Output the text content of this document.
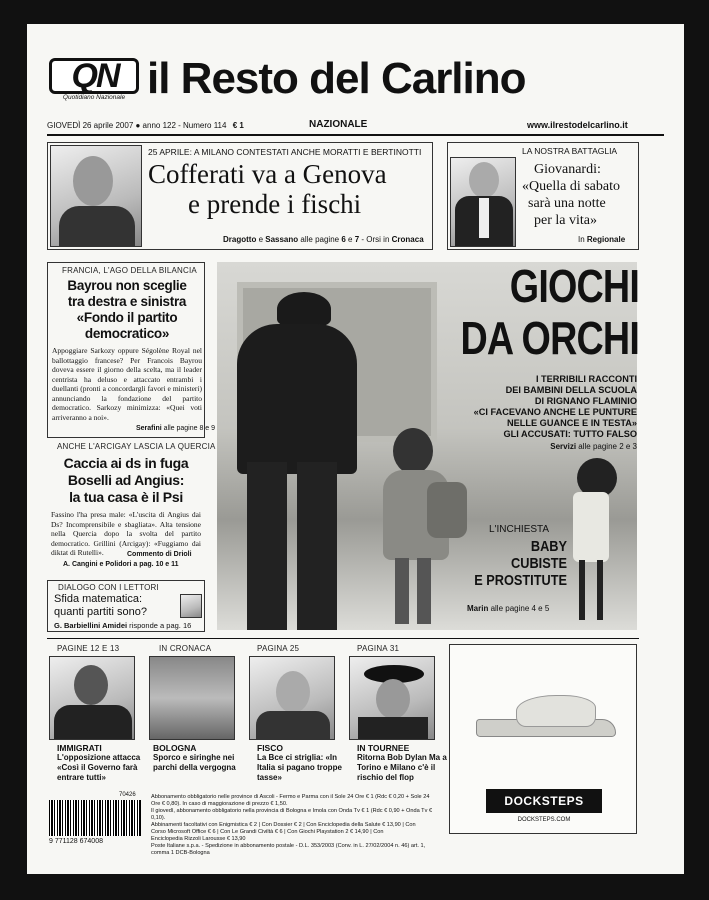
QN
Quotidiano Nazionale il Resto del Carlino
GIOVEDÌ 26 aprile 2007 ● anno 122 - Numero 114 € 1	NAZIONALE	www.ilrestodelcarlino.it
25 APRILE: A MILANO CONTESTATI ANCHE MORATTI E BERTINOTTI
Cofferati va a Genova
e prende i fischi
Dragotto e Sassano alle pagine 6 e 7 - Orsi in Cronaca
LA NOSTRA BATTAGLIA
Giovanardi:
«Quella di sabato
sarà una notte
per la vita»
In Regionale
FRANCIA, L'AGO DELLA BILANCIA
Bayrou non sceglie
tra destra e sinistra
«Fondo il partito
democratico»
Appoggiare Sarkozy oppure Ségolène Royal nel ballottaggio francese? Per Francois Bayrou doveva essere il giorno della scelta, ma il leader centrista ha deluso e attaccato entrambi i duellanti (pronti a concordargli favori e ministeri) annunciando la fondazione del partito democratico. Sarkozy minimizza: «Quei voti arriveranno a noi».
Serafini alle pagine 8 e 9
ANCHE L'ARCIGAY LASCIA LA QUERCIA
Caccia ai ds in fuga
Boselli ad Angius:
la tua casa è il Psi
Fassino l'ha presa male: «L'uscita di Angius dai Ds? Incomprensibile e sbagliata». Alta tensione nella Quercia dopo la svolta del partito democratico. Grillini (Arcigay): «Fuggiamo dai diktat di Rutelli».	Commento di Drioli
A. Cangini e Polidori a pag. 10 e 11
DIALOGO CON I LETTORI
Sfida matematica:
quanti partiti sono?
G. Barbiellini Amidei risponde a pag. 16
GIOCHI
DA ORCHI
I TERRIBILI RACCONTI
DEI BAMBINI DELLA SCUOLA
DI RIGNANO FLAMINIO
«CI FACEVANO ANCHE LE PUNTURE
NELLE GUANCE E IN TESTA»
GLI ACCUSATI: TUTTO FALSO
Servizi alle pagine 2 e 3
L'INCHIESTA
BABY
CUBISTE
E PROSTITUTE
Marin alle pagine 4 e 5
PAGINE 12 E 13
IMMIGRATI
L'opposizione attacca «Così il Governo farà entrare tutti»
IN CRONACA
BOLOGNA
Sporco e siringhe nei parchi della vergogna
PAGINA 25
FISCO
La Bce ci striglia: «In Italia si pagano troppe tasse»
PAGINA 31
IN TOURNEE
Ritorna Bob Dylan Ma a Torino e Milano c'è il rischio del flop
DOCKSTEPS
DOCKSTEPS.COM
70426
9 771128 674008
Abbonamento obbligatorio nelle province di Ascoli - Fermo e Parma con il Sole 24 Ore € 1 (Rdc € 0,20 + Sole 24 Ore € 0,80). In caso di maggiorazione di prezzo € 1,50.
Il giovedì, abbonamento obbligatorio nella provincia di Bologna e Imola con Onda Tv € 1 (Rdc € 0,90 + Onda Tv € 0,10).
Abbinamenti facoltativi con Enigmistica € 2 | Con Dossier € 2 | Con Enciclopedia della Salute € 13,90 | Con
Corso Microsoft Office € 6 | Con Le Grandi Civiltà € 6 | Con Giochi Playstation 2 € 14,90 | Con
Enciclopedia Rizzoli Larousse € 13,90
Poste Italiane s.p.a. - Spedizione in abbonamento postale - D.L. 353/2003 (Conv. in L. 27/02/2004 n. 46) art. 1, comma 1 DCB-Bologna
